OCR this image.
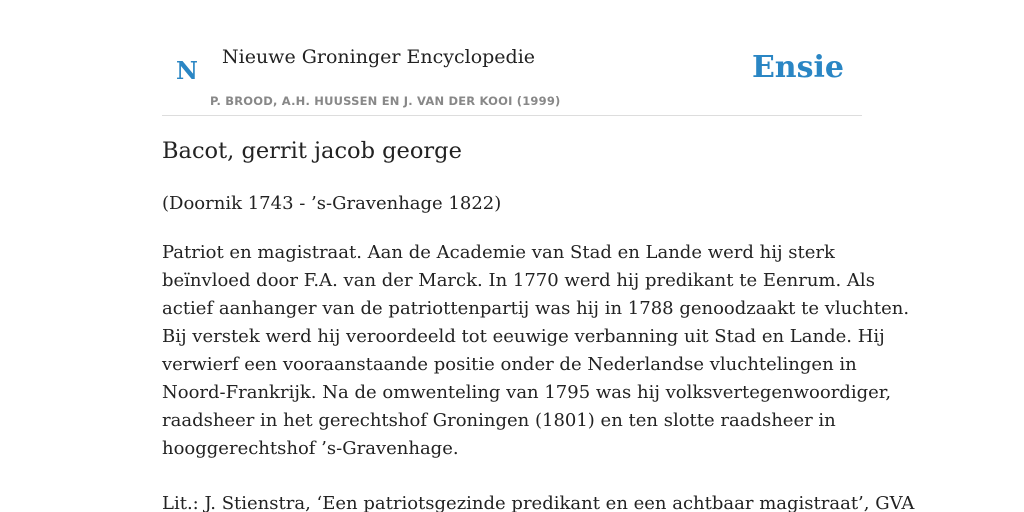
N Nieuwe Groninger Encyclopedie
P. BROOD, A.H. HUUSSEN EN J. VAN DER KOOI (1999)
Ensie
Bacot, gerrit jacob george
(Doornik 1743 - ’s-Gravenhage 1822)
Patriot en magistraat. Aan de Academie van Stad en Lande werd hij sterk
beïnvloed door F.A. van der Marck. In 1770 werd hij predikant te Eenrum. Als
actief aanhanger van de patriottenpartij was hij in 1788 genoodzaakt te vluchten.
Bij verstek werd hij veroordeeld tot eeuwige verbanning uit Stad en Lande. Hij
verwierf een vooraanstaande positie onder de Nederlandse vluchtelingen in
Noord-Frankrijk. Na de omwenteling van 1795 was hij volksvertegenwoordiger,
raadsheer in het gerechtshof Groningen (1801) en ten slotte raadsheer in
hooggerechtshof ’s-Gravenhage.
Lit.: J. Stienstra, ‘Een patriotsgezinde predikant en een achtbaar magistraat’, GVA
